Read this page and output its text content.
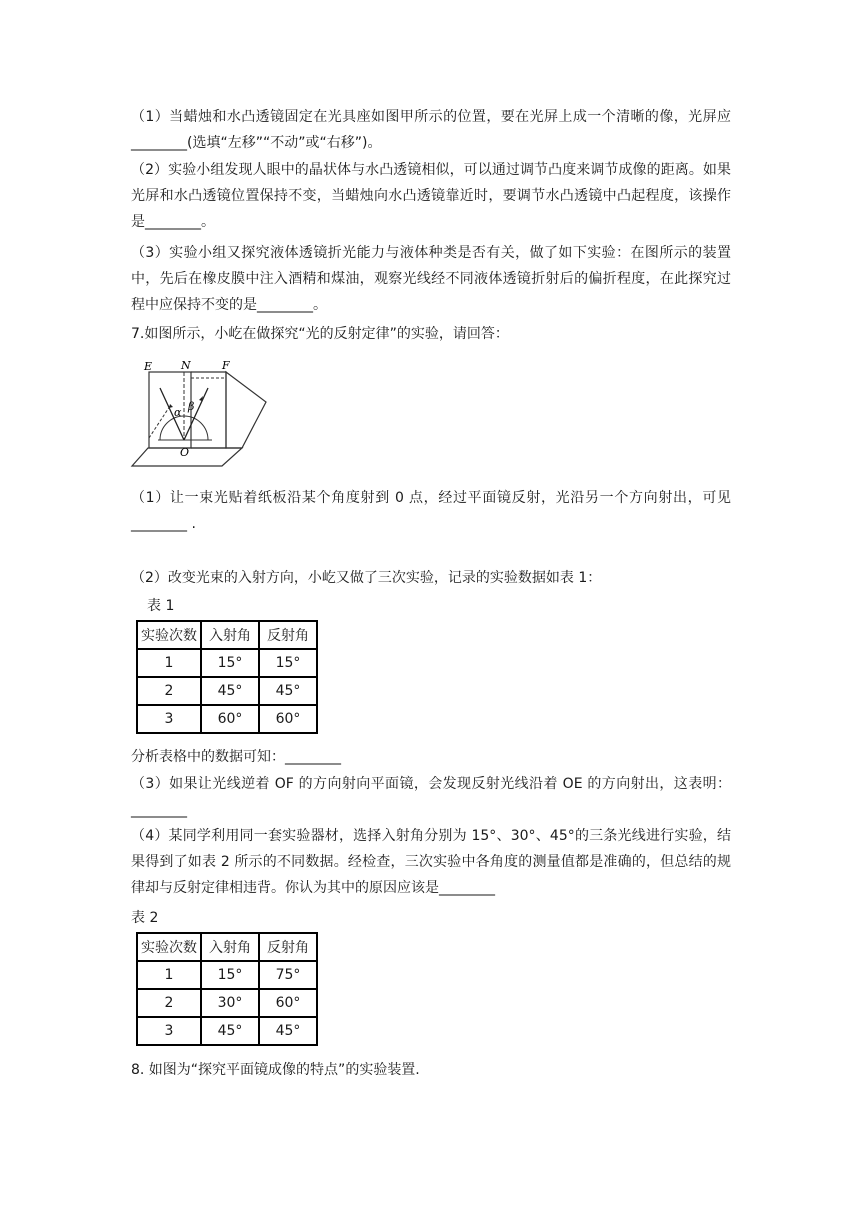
（1）当蜡烛和水凸透镜固定在光具座如图甲所示的位置，要在光屏上成一个清晰的像，光屏应________(选填“左移”“不动”或“右移”)。

（2）实验小组发现人眼中的晶状体与水凸透镜相似，可以通过调节凸度来调节成像的距离。如果光屏和水凸透镜位置保持不变，当蜡烛向水凸透镜靠近时，要调节水凸透镜中凸起程度，该操作是________。

（3）实验小组又探究液体透镜折光能力与液体种类是否有关，做了如下实验：在图所示的装置中，先后在橡皮膜中注入酒精和煤油，观察光线经不同液体透镜折射后的偏折程度，在此探究过程中应保持不变的是________。

7.如图所示，小屹在做探究“光的反射定律”的实验，请回答：
E	N	F
α β
O

（1）让一束光贴着纸板沿某个角度射到 0 点，经过平面镜反射，光沿另一个方向射出，可见________ .

（2）改变光束的入射方向，小屹又做了三次实验，记录的实验数据如表 1：
表 1
实验次数	入射角	反射角
1	15°	15°
2	45°	45°
3	60°	60°
分析表格中的数据可知：________

（3）如果让光线逆着 OF 的方向射向平面镜，会发现反射光线沿着 OE 的方向射出，这表明：________

（4）某同学利用同一套实验器材，选择入射角分别为 15°、30°、45°的三条光线进行实验，结果得到了如表 2 所示的不同数据。经检查，三次实验中各角度的测量值都是准确的，但总结的规律却与反射定律相违背。你认为其中的原因应该是________

表 2
实验次数	入射角	反射角
1	15°	75°
2	30°	60°
3	45°	45°
8. 如图为“探究平面镜成像的特点”的实验装置.
